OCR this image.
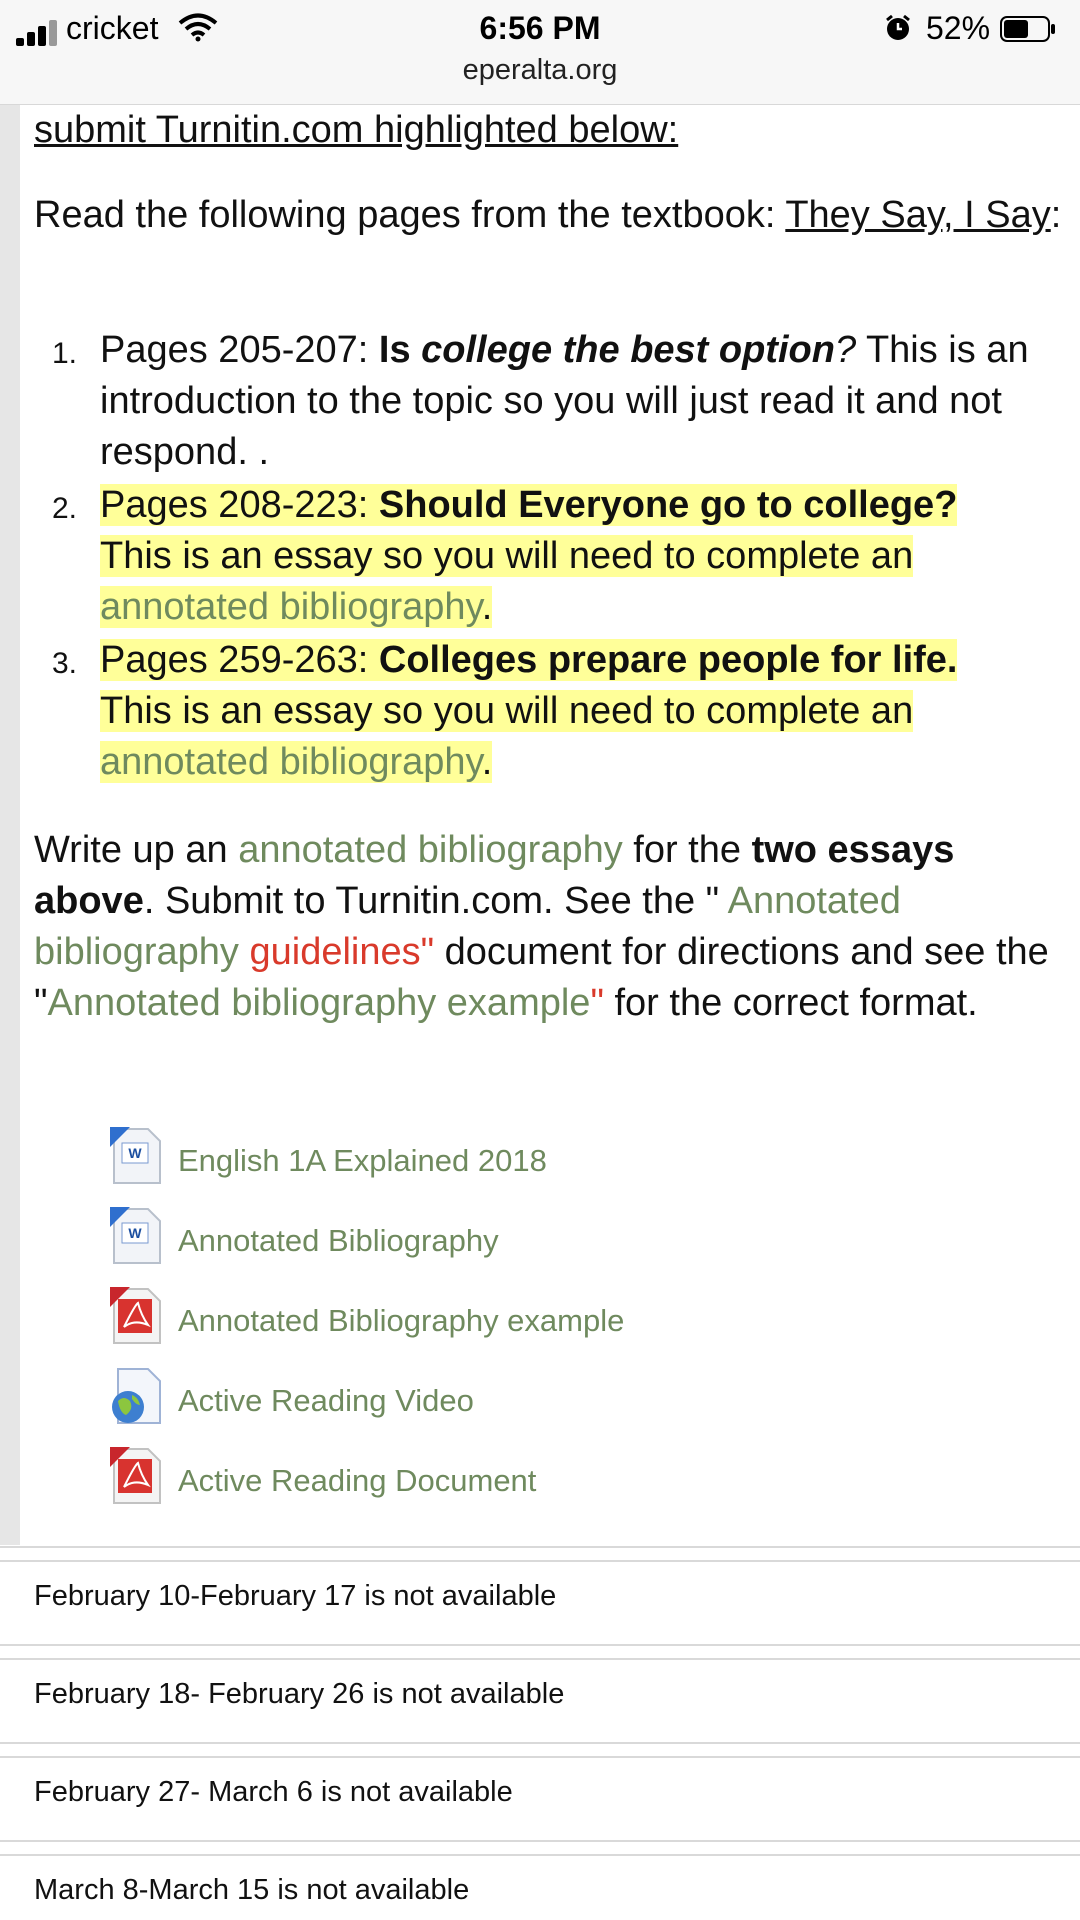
cricket	6:56 PM	52%
eperalta.org
submit Turnitin.com highlighted below:
Read the following pages from the textbook: They Say, I Say:
1. Pages 205-207: Is college the best option? This is an introduction to the topic so you will just read it and not respond. .
2. Pages 208-223: Should Everyone go to college?
This is an essay so you will need to complete an annotated bibliography.
3. Pages 259-263: Colleges prepare people for life.
This is an essay so you will need to complete an annotated bibliography.
Write up an annotated bibliography for the two essays above. Submit to Turnitin.com. See the " Annotated bibliography guidelines" document for directions and see the "Annotated bibliography example" for the correct format.
W English 1A Explained 2018
W Annotated Bibliography
Annotated Bibliography example
Active Reading Video
Active Reading Document
February 10-February 17 is not available
February 18- February 26 is not available
February 27- March 6 is not available
March 8-March 15 is not available
